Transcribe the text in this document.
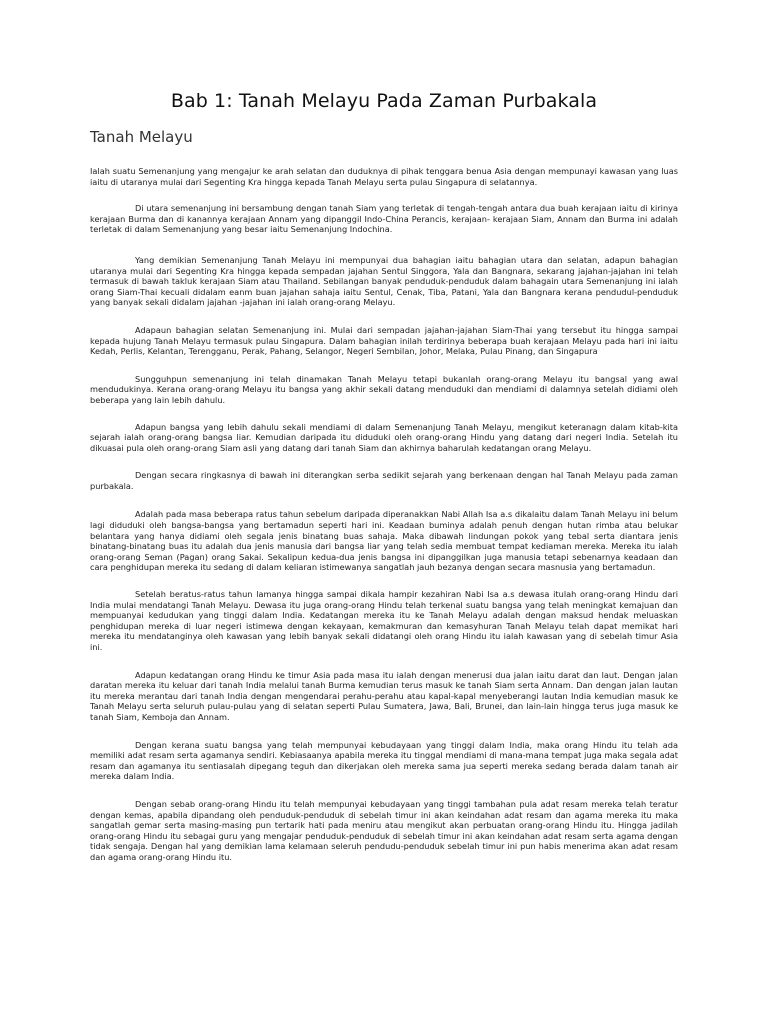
Bab 1: Tanah Melayu Pada Zaman Purbakala
Tanah Melayu

Ialah suatu Semenanjung yang mengajur ke arah selatan dan duduknya di pihak tenggara benua Asia dengan mempunayi kawasan yang luas iaitu di utaranya mulai dari Segenting Kra hingga kepada Tanah Melayu serta pulau Singapura di selatannya.

Di utara semenanjung ini bersambung dengan tanah Siam yang terletak di tengah-tengah antara dua buah kerajaan iaitu di kirinya kerajaan Burma dan di kanannya kerajaan Annam yang dipanggil Indo-China Perancis, kerajaan- kerajaan Siam, Annam dan Burma ini adalah terletak di dalam Semenanjung yang besar iaitu Semenanjung Indochina.

Yang demikian Semenanjung Tanah Melayu ini mempunyai dua bahagian iaitu bahagian utara dan selatan, adapun bahagian utaranya mulai dari Segenting Kra hingga kepada sempadan jajahan Sentul Singgora, Yala dan Bangnara, sekarang jajahan-jajahan ini telah termasuk di bawah takluk kerajaan Siam atau Thailand. Sebilangan banyak penduduk-penduduk dalam bahagain utara Semenanjung ini ialah orang Siam-Thai kecuali didalam eanm buan jajahan sahaja iaitu Sentul, Cenak, Tiba, Patani, Yala dan Bangnara kerana pendudul-penduduk yang banyak sekali didalam jajahan -jajahan ini ialah orang-orang Melayu.

Adapaun bahagian selatan Semenanjung ini. Mulai dari sempadan jajahan-jajahan Siam-Thai yang tersebut itu hingga sampai kepada hujung Tanah Melayu termasuk pulau Singapura. Dalam bahagian inilah terdirinya beberapa buah kerajaan Melayu pada hari ini iaitu Kedah, Perlis, Kelantan, Terengganu, Perak, Pahang, Selangor, Negeri Sembilan, Johor, Melaka, Pulau Pinang, dan Singapura

Sungguhpun semenanjung ini telah dinamakan Tanah Melayu tetapi bukanlah orang-orang Melayu itu bangsal yang awal mendudukinya. Kerana orang-orang Melayu itu bangsa yang akhir sekali datang menduduki dan mendiami di dalamnya setelah didiami oleh beberapa yang lain lebih dahulu.

Adapun bangsa yang lebih dahulu sekali mendiami di dalam Semenanjung Tanah Melayu, mengikut keteranagn dalam kitab-kita sejarah ialah orang-orang bangsa liar. Kemudian daripada itu diduduki oleh orang-orang Hindu yang datang dari negeri India. Setelah itu dikuasai pula oleh orang-orang Siam asli yang datang dari tanah Siam dan akhirnya baharulah kedatangan orang Melayu.

Dengan secara ringkasnya di bawah ini diterangkan serba sedikit sejarah yang berkenaan dengan hal Tanah Melayu pada zaman purbakala.

Adalah pada masa beberapa ratus tahun sebelum daripada diperanakkan Nabi Allah Isa a.s dikalaitu dalam Tanah Melayu ini belum lagi diduduki oleh bangsa-bangsa yang bertamadun seperti hari ini. Keadaan buminya adalah penuh dengan hutan rimba atau belukar belantara yang hanya didiami oleh segala jenis binatang buas sahaja. Maka dibawah lindungan pokok yang tebal serta diantara jenis binatang-binatang buas itu adalah dua jenis manusia dari bangsa liar yang telah sedia membuat tempat kediaman mereka. Mereka itu ialah orang-orang Seman (Pagan) orang Sakai. Sekalipun kedua-dua jenis bangsa ini dipanggilkan juga manusia tetapi sebenarnya keadaan dan cara penghidupan mereka itu sedang di dalam keliaran istimewanya sangatlah jauh bezanya dengan secara masnusia yang bertamadun.

Setelah beratus-ratus tahun lamanya hingga sampai dikala hampir kezahiran Nabi Isa a.s dewasa itulah orang-orang Hindu dari India mulai mendatangi Tanah Melayu. Dewasa itu juga orang-orang Hindu telah terkenal suatu bangsa yang telah meningkat kemajuan dan mempuanyai kedudukan yang tinggi dalam India. Kedatangan mereka itu ke Tanah Melayu adalah dengan maksud hendak meluaskan penghidupan mereka di luar negeri istimewa dengan kekayaan, kemakmuran dan kemasyhuran Tanah Melayu telah dapat memikat hari mereka itu mendatanginya oleh kawasan yang lebih banyak sekali didatangi oleh orang Hindu itu ialah kawasan yang di sebelah timur Asia ini.

Adapun kedatangan orang Hindu ke timur Asia pada masa itu ialah dengan menerusi dua jalan iaitu darat dan laut. Dengan jalan daratan mereka itu keluar dari tanah India melalui tanah Burma kemudian terus masuk ke tanah Siam serta Annam. Dan dengan jalan lautan itu mereka merantau dari tanah India dengan mengendarai perahu-perahu atau kapal-kapal menyeberangi lautan India kemudian masuk ke Tanah Melayu serta seluruh pulau-pulau yang di selatan seperti Pulau Sumatera, Jawa, Bali, Brunei, dan lain-lain hingga terus juga masuk ke tanah Siam, Kemboja dan Annam.

Dengan kerana suatu bangsa yang telah mempunyai kebudayaan yang tinggi dalam India, maka orang Hindu itu telah ada memiliki adat resam serta agamanya sendiri. Kebiasaanya apabila mereka itu tinggal mendiami di mana-mana tempat juga maka segala adat resam dan agamanya itu sentiasalah dipegang teguh dan dikerjakan oleh mereka sama jua seperti mereka sedang berada dalam tanah air mereka dalam India.

Dengan sebab orang-orang Hindu itu telah mempunyai kebudayaan yang tinggi tambahan pula adat resam mereka telah teratur dengan kemas, apabila dipandang oleh penduduk-penduduk di sebelah timur ini akan keindahan adat resam dan agama mereka itu maka sangatlah gemar serta masing-masing pun tertarik hati pada meniru atau mengikut akan perbuatan orang-orang Hindu itu. Hingga jadilah orang-orang Hindu itu sebagai guru yang mengajar penduduk-penduduk di sebelah timur ini akan keindahan adat resam serta agama dengan tidak sengaja. Dengan hal yang demikian lama kelamaan seleruh pendudu-penduduk sebelah timur ini pun habis menerima akan adat resam dan agama orang-orang Hindu itu.
